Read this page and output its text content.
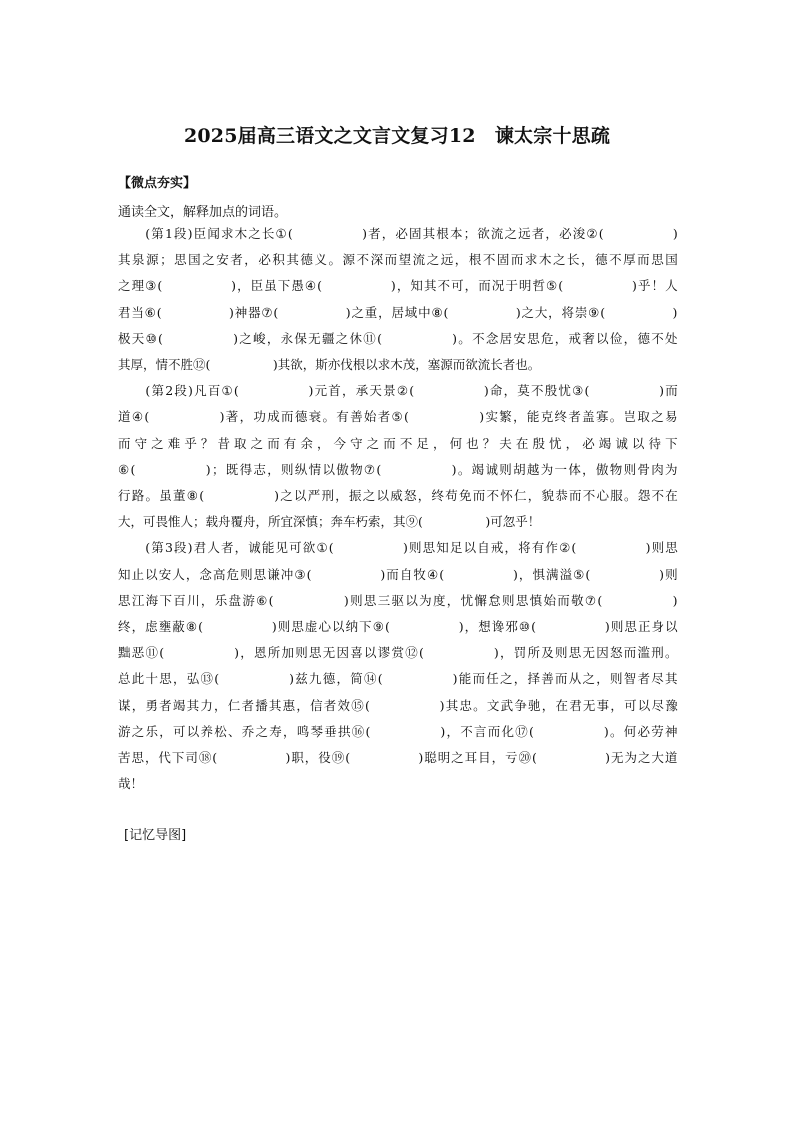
2025届高三语文之文言文复习12　谏太宗十思疏
【微点夯实】
通读全文，解释加点的词语。

( 第 1 段 ) 臣 闻 求 木 之 长 ① (

　	) 者 ， 必 固 其 根 本 ； 欲 流 之 远 者 ， 必 浚 ② (

　	)
其 泉 源 ； 思 国 之 安 者 ， 必 积 其 德 义 。 源 不 深 而 望 流 之 远 ， 根 不 固 而 求 木 之 长 ， 德 不 厚 而 思 国
之 理 ③ (

　	) ， 臣 虽 下 愚 ④ (

　	) ， 知 其 不 可 ， 而 况 于 明 哲 ⑤ (

　	) 乎 ！ 人
君 当 ⑥ (

　	) 神 器 ⑦ (

　	) 之 重 ， 居 域 中 ⑧ (

　	) 之 大 ， 将 崇 ⑨ (

　	)
极 天 ⑩ (

　	) 之 峻 ， 永 保 无 疆 之 休 ⑪ (

　	) 。 不 念 居 安 思 危 ， 戒 奢 以 俭 ， 德 不 处
其厚，情不胜⑫(　　　　　)其欲，斯亦伐根以求木茂，塞源而欲流长者也。

( 第 2 段 ) 凡 百 ① (

　	) 元 首 ， 承 天 景 ② (

　	) 命 ， 莫 不 殷 忧 ③ (

　	) 而
道 ④ (

　	) 著 ， 功 成 而 德 衰 。 有 善 始 者 ⑤ (

　	) 实 繁 ， 能 克 终 者 盖 寡 。 岂 取 之 易
而 守 之 难 乎 ？ 昔 取 之 而 有 余 ， 今 守 之 而 不 足 ， 何 也 ？ 夫 在 殷 忧 ， 必 竭 诚 以 待 下
⑥ (

　	) ； 既 得 志 ， 则 纵 情 以 傲 物 ⑦ (

　	) 。 竭 诚 则 胡 越 为 一 体 ， 傲 物 则 骨 肉 为
行 路 。 虽 董 ⑧ (

　	) 之 以 严 刑 ， 振 之 以 威 怒 ， 终 苟 免 而 不 怀 仁 ， 貌 恭 而 不 心 服 。 怨 不 在
大，可畏惟人；载舟覆舟，所宜深慎；奔车朽索，其⑨(　　　　　)可忽乎！

( 第 3 段 ) 君 人 者 ， 诚 能 见 可 欲 ① (

　	) 则 思 知 足 以 自 戒 ， 将 有 作 ② (

　	) 则 思
知 止 以 安 人 ， 念 高 危 则 思 谦 冲 ③ (

　	) 而 自 牧 ④ (

　	) ， 惧 满 溢 ⑤ (

　	) 则
思 江 海 下 百 川 ， 乐 盘 游 ⑥ (

　	) 则 思 三 驱 以 为 度 ， 忧 懈 怠 则 思 慎 始 而 敬 ⑦ (

　	)
终 ， 虑 壅 蔽 ⑧ (

　	) 则 思 虚 心 以 纳 下 ⑨ (

　	) ， 想 谗 邪 ⑩ (

　	) 则 思 正 身 以
黜 恶 ⑪ (

　	) ， 恩 所 加 则 思 无 因 喜 以 谬 赏 ⑫ (

　	) ， 罚 所 及 则 思 无 因 怒 而 滥 刑 。
总 此 十 思 ， 弘 ⑬ (

　	) 兹 九 德 ， 简 ⑭ (

　	) 能 而 任 之 ， 择 善 而 从 之 ， 则 智 者 尽 其
谋 ， 勇 者 竭 其 力 ， 仁 者 播 其 惠 ， 信 者 效 ⑮ (

　	) 其 忠 。 文 武 争 驰 ， 在 君 无 事 ， 可 以 尽 豫
游 之 乐 ， 可 以 养 松 、 乔 之 寿 ， 鸣 琴 垂 拱 ⑯ (

　	) ， 不 言 而 化 ⑰ (

　	) 。 何 必 劳 神
苦 思 ， 代 下 司 ⑱ (

　	) 职 ， 役 ⑲ (

　	) 聪 明 之 耳 目 ， 亏 ⑳ (

　	) 无 为 之 大 道
哉！
[记忆导图]
